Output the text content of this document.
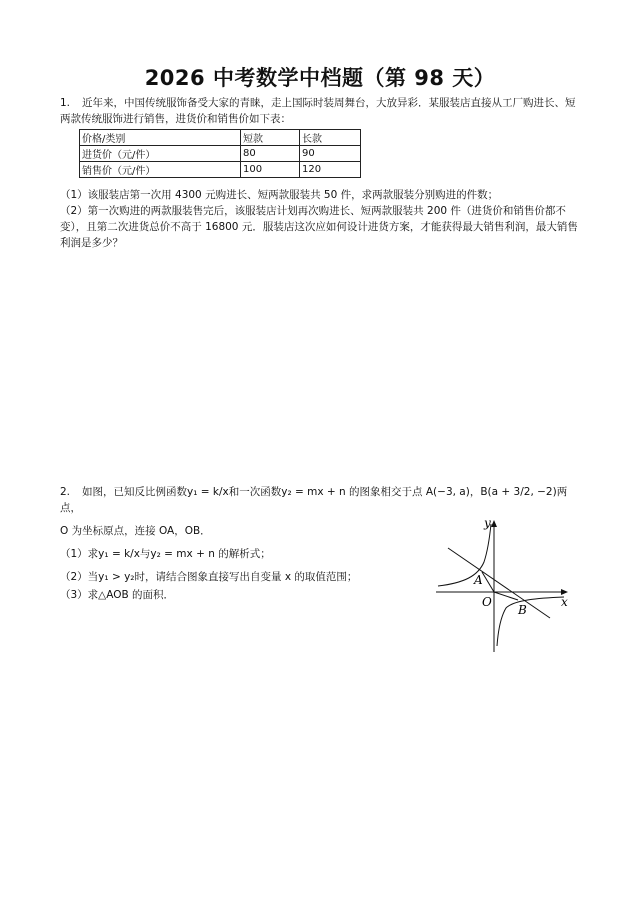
2026 中考数学中档题（第 98 天）

1. 近年来，中国传统服饰备受大家的青睐，走上国际时装周舞台，大放异彩．某服装店直接从工厂购进长、短两款传统服饰进行销售，进货价和销售价如下表：

价格/类别	短款	长款
进货价（元/件）	80	90
销售价（元/件）	100	120

（1）该服装店第一次用 4300 元购进长、短两款服装共 50 件，求两款服装分别购进的件数；

（2）第一次购进的两款服装售完后，该服装店计划再次购进长、短两款服装共 200 件（进货价和销售价都不变），且第二次进货总价不高于 16800 元．服装店这次应如何设计进货方案，才能获得最大销售利润，最大销售利润是多少？

2. 如图，已知反比例函数y₁ = k/x和一次函数y₂ = mx + n 的图象相交于点 A(−3, a)，B(a + 3/2, −2)两点，

O 为坐标原点，连接 OA，OB．

（1）求y₁ = k/x与y₂ = mx + n 的解析式；

（2）当y₁ > y₂时，请结合图象直接写出自变量 x 的取值范围；

（3）求△AOB 的面积．

y
x
O
A
B
